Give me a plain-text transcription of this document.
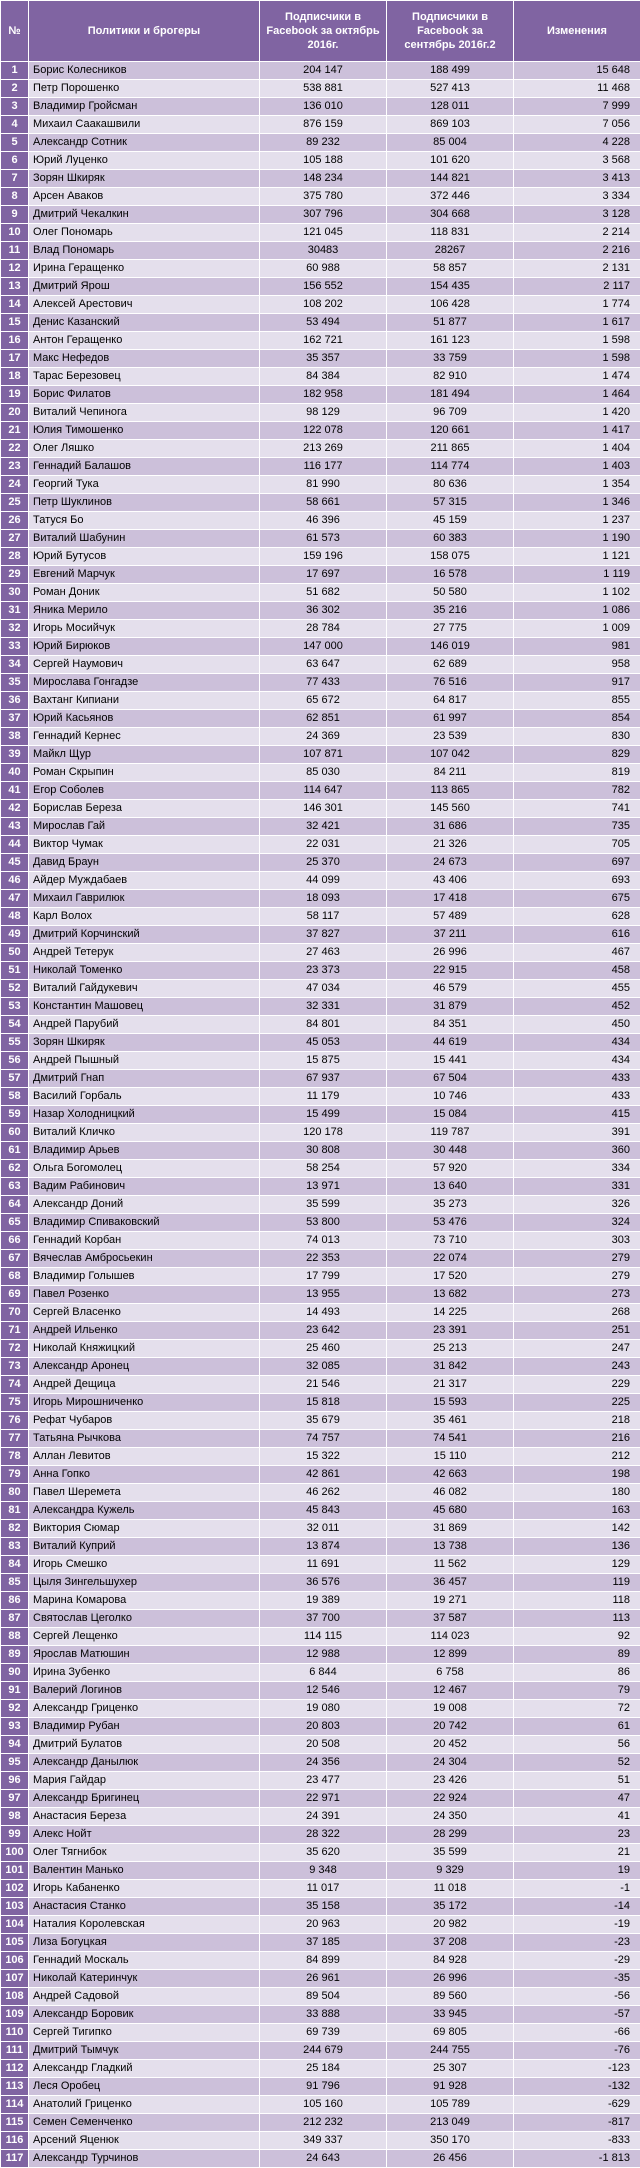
№	Политики и брогеры	Подписчики в Facebook за октябрь 2016г.	Подписчики в Facebook за сентябрь 2016г.2	Изменения
1	Борис Колесников	204 147	188 499	15 648
2	Петр Порошенко	538 881	527 413	11 468
3	Владимир Гройсман	136 010	128 011	7 999
4	Михаил Саакашвили	876 159	869 103	7 056
5	Александр Сотник	89 232	85 004	4 228
6	Юрий Луценко	105 188	101 620	3 568
7	Зорян Шкиряк	148 234	144 821	3 413
8	Арсен Аваков	375 780	372 446	3 334
9	Дмитрий Чекалкин	307 796	304 668	3 128
10	Олег Пономарь	121 045	118 831	2 214
11	Влад Пономарь	30483	28267	2 216
12	Ирина Геращенко	60 988	58 857	2 131
13	Дмитрий Ярош	156 552	154 435	2 117
14	Алексей Арестович	108 202	106 428	1 774
15	Денис Казанский	53 494	51 877	1 617
16	Антон Геращенко	162 721	161 123	1 598
17	Макс Нефедов	35 357	33 759	1 598
18	Тарас Березовец	84 384	82 910	1 474
19	Борис Филатов	182 958	181 494	1 464
20	Виталий Чепинога	98 129	96 709	1 420
21	Юлия Тимошенко	122 078	120 661	1 417
22	Олег Ляшко	213 269	211 865	1 404
23	Геннадий Балашов	116 177	114 774	1 403
24	Георгий Тука	81 990	80 636	1 354
25	Петр Шуклинов	58 661	57 315	1 346
26	Татуся Бо	46 396	45 159	1 237
27	Виталий Шабунин	61 573	60 383	1 190
28	Юрий Бутусов	159 196	158 075	1 121
29	Евгений Марчук	17 697	16 578	1 119
30	Роман Доник	51 682	50 580	1 102
31	Яника Мерило	36 302	35 216	1 086
32	Игорь Мосийчук	28 784	27 775	1 009
33	Юрий Бирюков	147 000	146 019	981
34	Сергей Наумович	63 647	62 689	958
35	Мирослава Гонгадзе	77 433	76 516	917
36	Вахтанг Кипиани	65 672	64 817	855
37	Юрий Касьянов	62 851	61 997	854
38	Геннадий Кернес	24 369	23 539	830
39	Майкл Щур	107 871	107 042	829
40	Роман Скрыпин	85 030	84 211	819
41	Егор Соболев	114 647	113 865	782
42	Борислав Береза	146 301	145 560	741
43	Мирослав Гай	32 421	31 686	735
44	Виктор Чумак	22 031	21 326	705
45	Давид Браун	25 370	24 673	697
46	Айдер Муждабаев	44 099	43 406	693
47	Михаил Гаврилюк	18 093	17 418	675
48	Карл Волох	58 117	57 489	628
49	Дмитрий Корчинский	37 827	37 211	616
50	Андрей Тетерук	27 463	26 996	467
51	Николай Томенко	23 373	22 915	458
52	Виталий Гайдукевич	47 034	46 579	455
53	Константин Машовец	32 331	31 879	452
54	Андрей Парубий	84 801	84 351	450
55	Зорян Шкиряк	45 053	44 619	434
56	Андрей Пышный	15 875	15 441	434
57	Дмитрий Гнап	67 937	67 504	433
58	Василий Горбаль	11 179	10 746	433
59	Назар Холодницкий	15 499	15 084	415
60	Виталий Кличко	120 178	119 787	391
61	Владимир Арьев	30 808	30 448	360
62	Ольга Богомолец	58 254	57 920	334
63	Вадим Рабинович	13 971	13 640	331
64	Александр Доний	35 599	35 273	326
65	Владимир Спиваковский	53 800	53 476	324
66	Геннадий Корбан	74 013	73 710	303
67	Вячеслав Амбросьекин	22 353	22 074	279
68	Владимир Голышев	17 799	17 520	279
69	Павел Розенко	13 955	13 682	273
70	Сергей Власенко	14 493	14 225	268
71	Андрей Ильенко	23 642	23 391	251
72	Николай Княжицкий	25 460	25 213	247
73	Александр Аронец	32 085	31 842	243
74	Андрей Дещица	21 546	21 317	229
75	Игорь Мирошниченко	15 818	15 593	225
76	Рефат Чубаров	35 679	35 461	218
77	Татьяна Рычкова	74 757	74 541	216
78	Аллан Левитов	15 322	15 110	212
79	Анна Гопко	42 861	42 663	198
80	Павел Шеремета	46 262	46 082	180
81	Александра Кужель	45 843	45 680	163
82	Виктория Сюмар	32 011	31 869	142
83	Виталий Куприй	13 874	13 738	136
84	Игорь Смешко	11 691	11 562	129
85	Цыля Зингельшухер	36 576	36 457	119
86	Марина Комарова	19 389	19 271	118
87	Святослав Цеголко	37 700	37 587	113
88	Сергей Лещенко	114 115	114 023	92
89	Ярослав Матюшин	12 988	12 899	89
90	Ирина Зубенко	6 844	6 758	86
91	Валерий Логинов	12 546	12 467	79
92	Александр Гриценко	19 080	19 008	72
93	Владимир Рубан	20 803	20 742	61
94	Дмитрий Булатов	20 508	20 452	56
95	Александр Данылюк	24 356	24 304	52
96	Мария Гайдар	23 477	23 426	51
97	Александр Бригинец	22 971	22 924	47
98	Анастасия Береза	24 391	24 350	41
99	Алекс Нойт	28 322	28 299	23
100	Олег Тягнибок	35 620	35 599	21
101	Валентин Манько	9 348	9 329	19
102	Игорь Кабаненко	11 017	11 018	-1
103	Анастасия Станко	35 158	35 172	-14
104	Наталия Королевская	20 963	20 982	-19
105	Лиза Богуцкая	37 185	37 208	-23
106	Геннадий Москаль	84 899	84 928	-29
107	Николай Катеринчук	26 961	26 996	-35
108	Андрей Садовой	89 504	89 560	-56
109	Александр Боровик	33 888	33 945	-57
110	Сергей Тигипко	69 739	69 805	-66
111	Дмитрий Тымчук	244 679	244 755	-76
112	Александр Гладкий	25 184	25 307	-123
113	Леся Оробец	91 796	91 928	-132
114	Анатолий Гриценко	105 160	105 789	-629
115	Семен Семенченко	212 232	213 049	-817
116	Арсений Яценюк	349 337	350 170	-833
117	Александр Турчинов	24 643	26 456	-1 813
